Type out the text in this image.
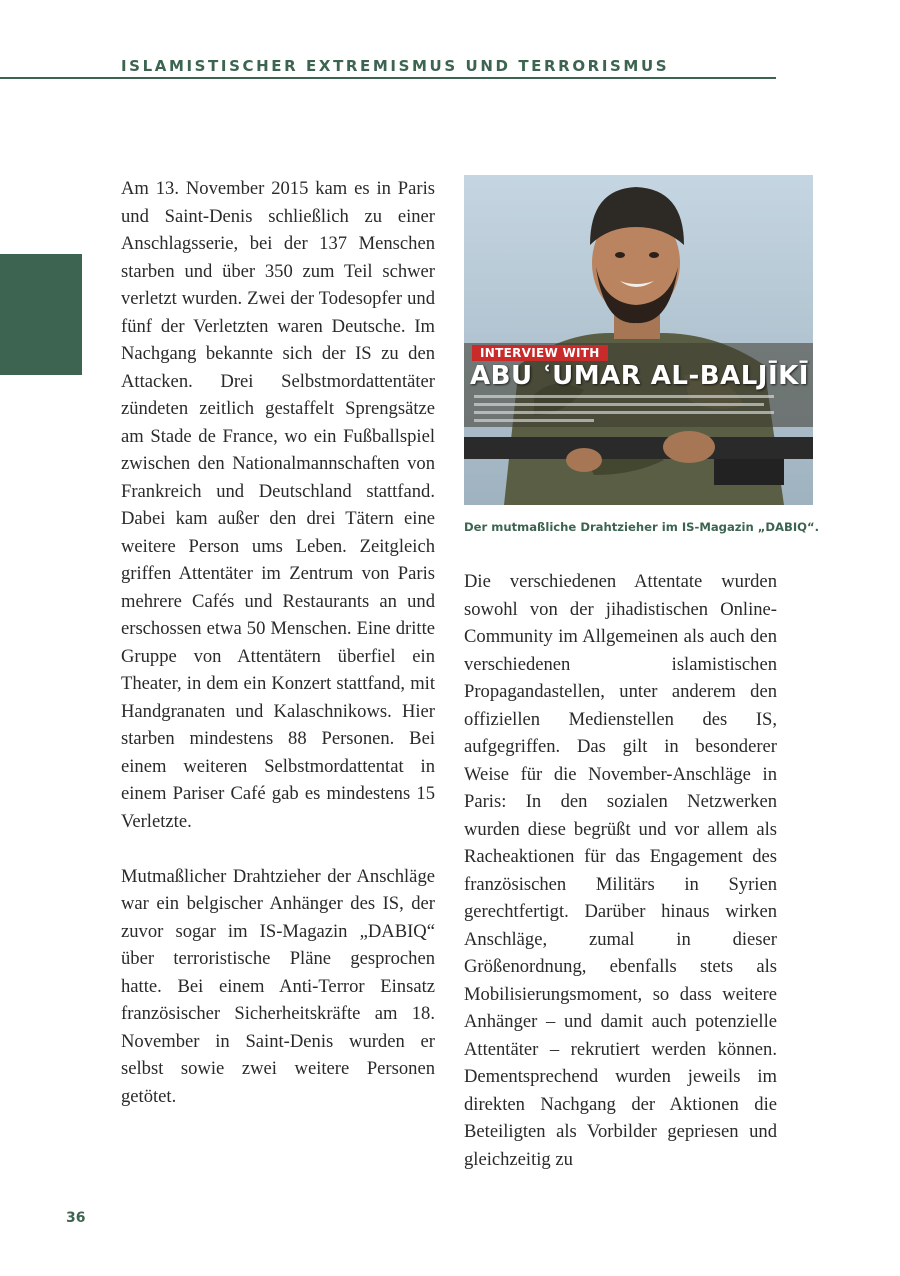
ISLAMISTISCHER EXTREMISMUS UND TERRORISMUS

Am 13. November 2015 kam es in Paris und Saint-Denis schließlich zu einer Anschlagsserie, bei der 137 Menschen starben und über 350 zum Teil schwer verletzt wurden. Zwei der Todesopfer und fünf der Verletzten waren Deutsche. Im Nachgang bekannte sich der IS zu den Attacken. Drei Selbstmordattentäter zündeten zeitlich gestaffelt Sprengsätze am Stade de France, wo ein Fußballspiel zwischen den Nationalmannschaften von Frankreich und Deutschland stattfand. Dabei kam außer den drei Tätern eine weitere Person ums Leben. Zeitgleich griffen Attentäter im Zentrum von Paris mehrere Cafés und Restaurants an und erschossen etwa 50 Menschen. Eine dritte Gruppe von Attentätern überfiel ein Theater, in dem ein Konzert stattfand, mit Handgranaten und Kalaschnikows. Hier starben mindestens 88 Personen. Bei einem weiteren Selbstmordattentat in einem Pariser Café gab es mindestens 15 Verletzte.

Mutmaßlicher Drahtzieher der Anschläge war ein belgischer Anhänger des IS, der zuvor sogar im IS-Magazin „DABIQ“ über terroristische Pläne gesprochen hatte. Bei einem Anti-Terror Einsatz französischer Sicherheitskräfte am 18. November in Saint-Denis wurden er selbst sowie zwei weitere Personen getötet.

INTERVIEW WITH
ABU ʿUMAR AL-BALJĪKĪ
Der mutmaßliche Drahtzieher im IS-Magazin „DABIQ“.

Die verschiedenen Attentate wurden sowohl von der jihadistischen Online-Community im Allgemeinen als auch den verschiedenen islamistischen Propagandastellen, unter anderem den offiziellen Medienstellen des IS, aufgegriffen. Das gilt in besonderer Weise für die November-Anschläge in Paris: In den sozialen Netzwerken wurden diese begrüßt und vor allem als Racheaktionen für das Engagement des französischen Militärs in Syrien gerechtfertigt. Darüber hinaus wirken Anschläge, zumal in dieser Größenordnung, ebenfalls stets als Mobilisierungsmoment, so dass weitere Anhänger – und damit auch potenzielle Attentäter – rekrutiert werden können. Dementsprechend wurden jeweils im direkten Nachgang der Aktionen die Beteiligten als Vorbilder gepriesen und gleichzeitig zu

36
